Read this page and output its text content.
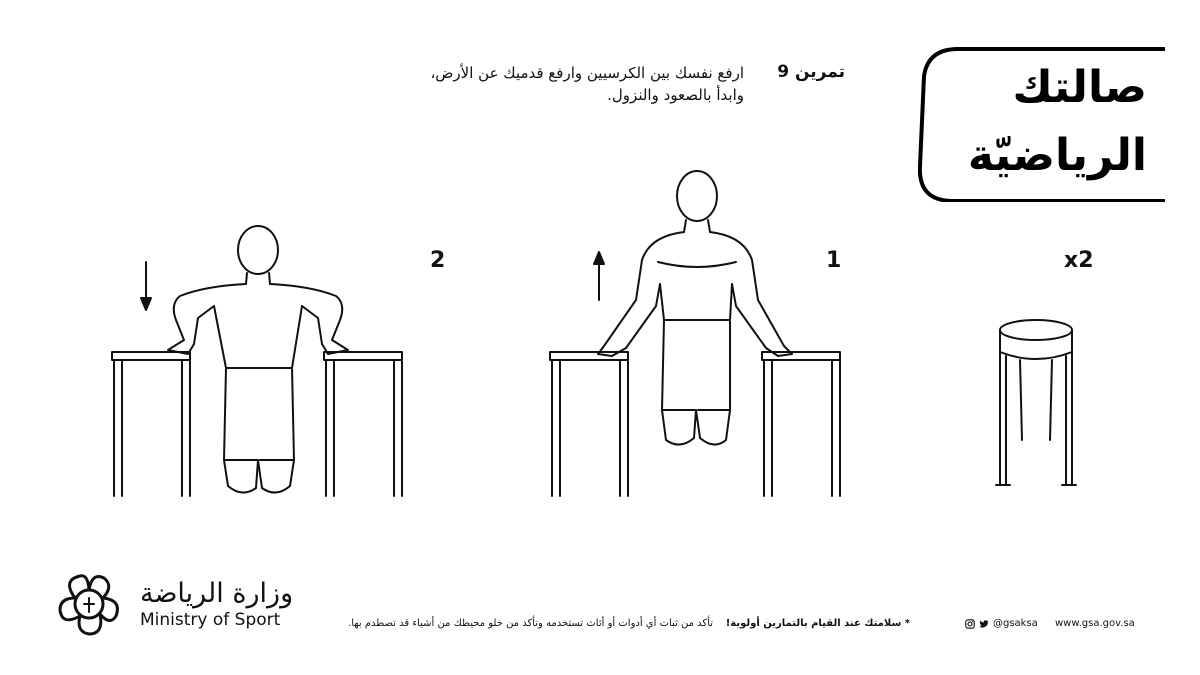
صالتك
الرياضيّة
تمرين 9
ارفع نفسك بين الكرسيين وارفع قدميك عن الأرض،
وابدأ بالصعود والنزول.
x2
1
2
وزارة الرياضة
Ministry of Sport	* سلامتك عند القيام بالتمارين أولوية!    تأكد من ثبات أي أدوات أو أثاث تستخدمه وتأكد من خلو محيطك من أشياء قد تصطدم بها.	@gsaksa www.gsa.gov.sa
